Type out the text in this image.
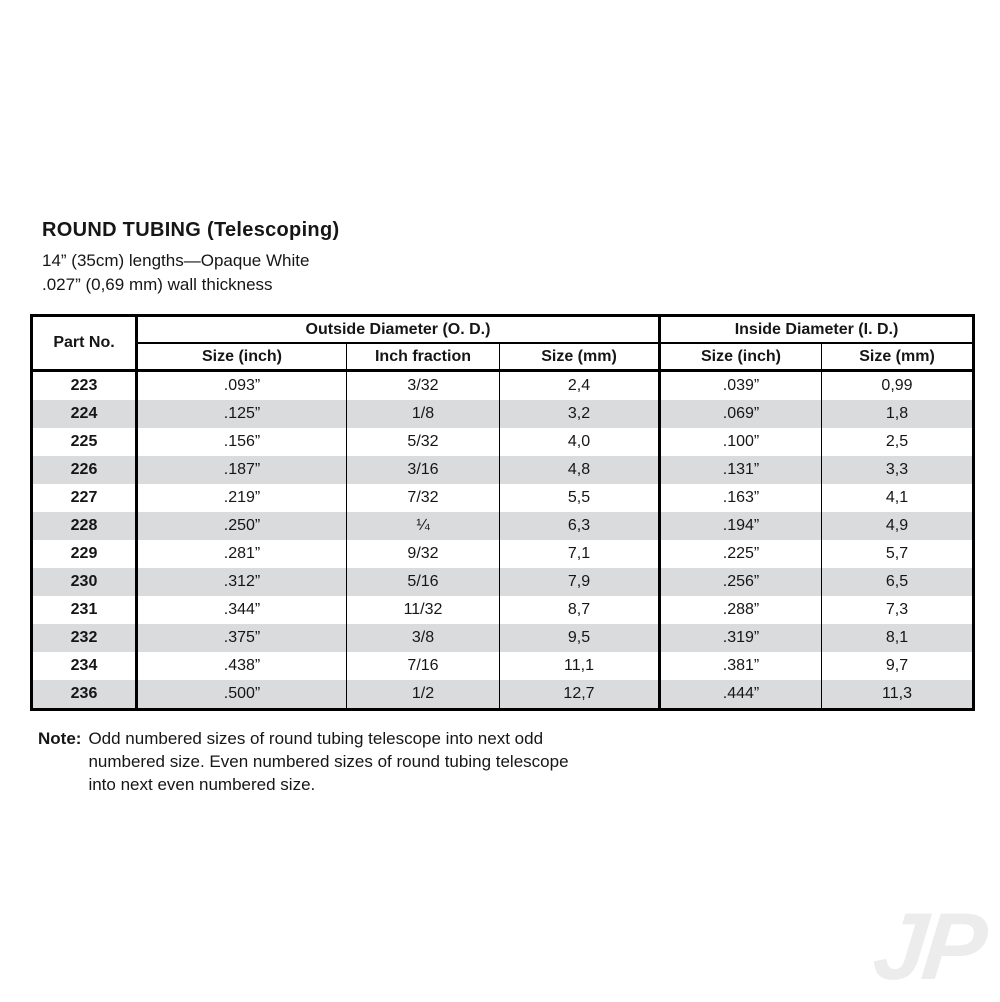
ROUND TUBING (Telescoping)

14” (35cm) lengths—Opaque White

.027” (0,69 mm) wall thickness

Part No.	Outside Diameter (O. D.)			Inside Diameter (I. D.)	
	Size (inch)	Inch fraction	Size (mm)	Size (inch)	Size (mm)
223	.093”	3/32	2,4	.039”	0,99
224	.125”	1/8	3,2	.069”	1,8
225	.156”	5/32	4,0	.100”	2,5
226	.187”	3/16	4,8	.131”	3,3
227	.219”	7/32	5,5	.163”	4,1
228	.250”	¼	6,3	.194”	4,9
229	.281”	9/32	7,1	.225”	5,7
230	.312”	5/16	7,9	.256”	6,5
231	.344”	11/32	8,7	.288”	7,3
232	.375”	3/8	9,5	.319”	8,1
234	.438”	7/16	11,1	.381”	9,7
236	.500”	1/2	12,7	.444”	11,3
Note: Odd numbered sizes of round tubing telescope into next odd
numbered size. Even numbered sizes of round tubing telescope
into next even numbered size.
JP
